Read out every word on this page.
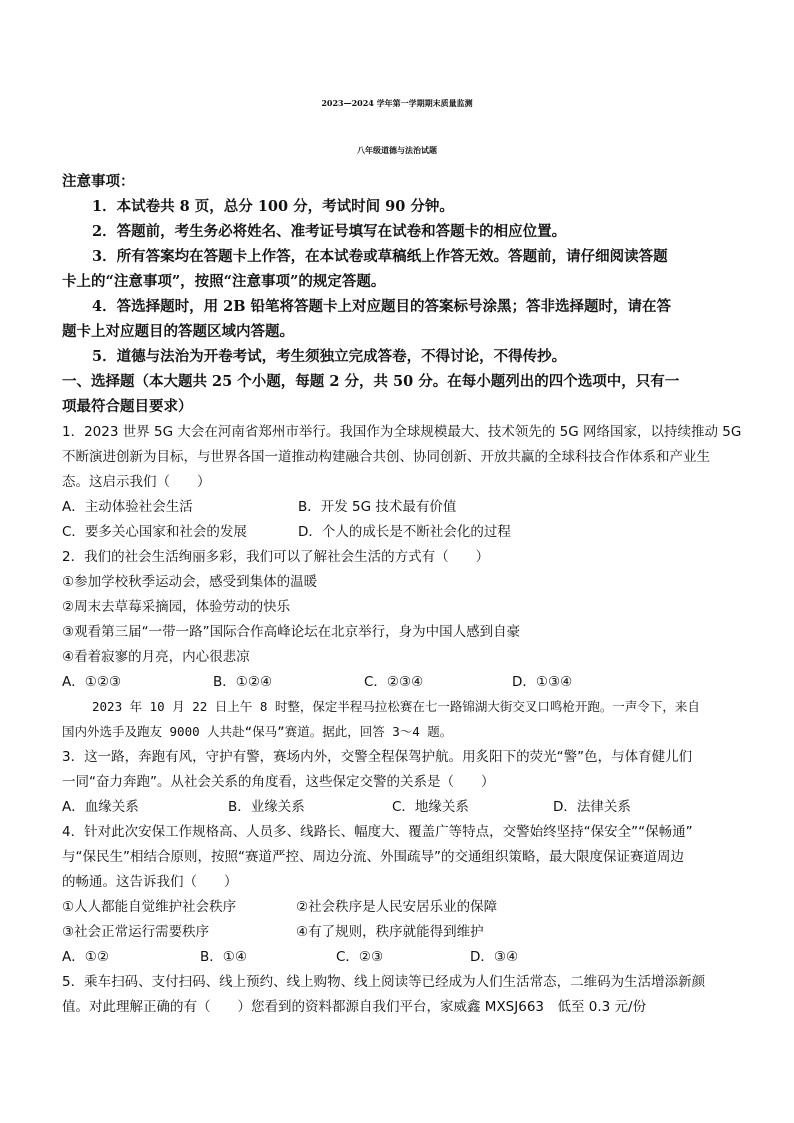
2023—2024 学年第一学期期末质量监测
八年级道德与法治试题
注意事项：
1．本试卷共 8 页，总分 100 分，考试时间 90 分钟。
2．答题前，考生务必将姓名、准考证号填写在试卷和答题卡的相应位置。
3．所有答案均在答题卡上作答，在本试卷或草稿纸上作答无效。答题前，请仔细阅读答题
卡上的“注意事项”，按照“注意事项”的规定答题。
4．答选择题时，用 2B 铅笔将答题卡上对应题目的答案标号涂黑；答非选择题时，请在答
题卡上对应题目的答题区域内答题。
5．道德与法治为开卷考试，考生须独立完成答卷，不得讨论，不得传抄。
一、选择题（本大题共 25 个小题，每题 2 分，共 50 分。在每小题列出的四个选项中，只有一
项最符合题目要求）
1．2023 世界 5G 大会在河南省郑州市举行。我国作为全球规模最大、技术领先的 5G 网络国家，以持续推动 5G
不断演进创新为目标，与世界各国一道推动构建融合共创、协同创新、开放共赢的全球科技合作体系和产业生
态。这启示我们（　　）
A．主动体验社会生活	B．开发 5G 技术最有价值
C．要多关心国家和社会的发展	D．个人的成长是不断社会化的过程
2．我们的社会生活绚丽多彩，我们可以了解社会生活的方式有（　　）
①参加学校秋季运动会，感受到集体的温暖
②周末去草莓采摘园，体验劳动的快乐
③观看第三届“一带一路”国际合作高峰论坛在北京举行，身为中国人感到自豪
④看着寂寥的月亮，内心很悲凉
A．①②③	B．①②④	C．②③④	D．①③④
2023 年 10 月 22 日上午 8 时整，保定半程马拉松赛在七一路锦湖大街交叉口鸣枪开跑。一声令下，来自
国内外选手及跑友 9000 人共赴“保马”赛道。据此，回答 3～4 题。
3．这一路，奔跑有风，守护有警，赛场内外，交警全程保驾护航。用炙阳下的荧光“警”色，与体育健儿们
一同“奋力奔跑”。从社会关系的角度看，这些保定交警的关系是（　　）
A．血缘关系	B．业缘关系	C．地缘关系	D．法律关系
4．针对此次安保工作规格高、人员多、线路长、幅度大、覆盖广等特点，交警始终坚持“保安全”“保畅通”
与“保民生”相结合原则，按照“赛道严控、周边分流、外围疏导”的交通组织策略，最大限度保证赛道周边
的畅通。这告诉我们（　　）
①人人都能自觉维护社会秩序	②社会秩序是人民安居乐业的保障
③社会正常运行需要秩序	④有了规则，秩序就能得到维护
A．①②	B．①④	C．②③	D．③④
5．乘车扫码、支付扫码、线上预约、线上购物、线上阅读等已经成为人们生活常态，二维码为生活增添新颜
值。对此理解正确的有（　　）您看到的资料都源自我们平台，家威鑫 MXSJ663　低至 0.3 元/份
